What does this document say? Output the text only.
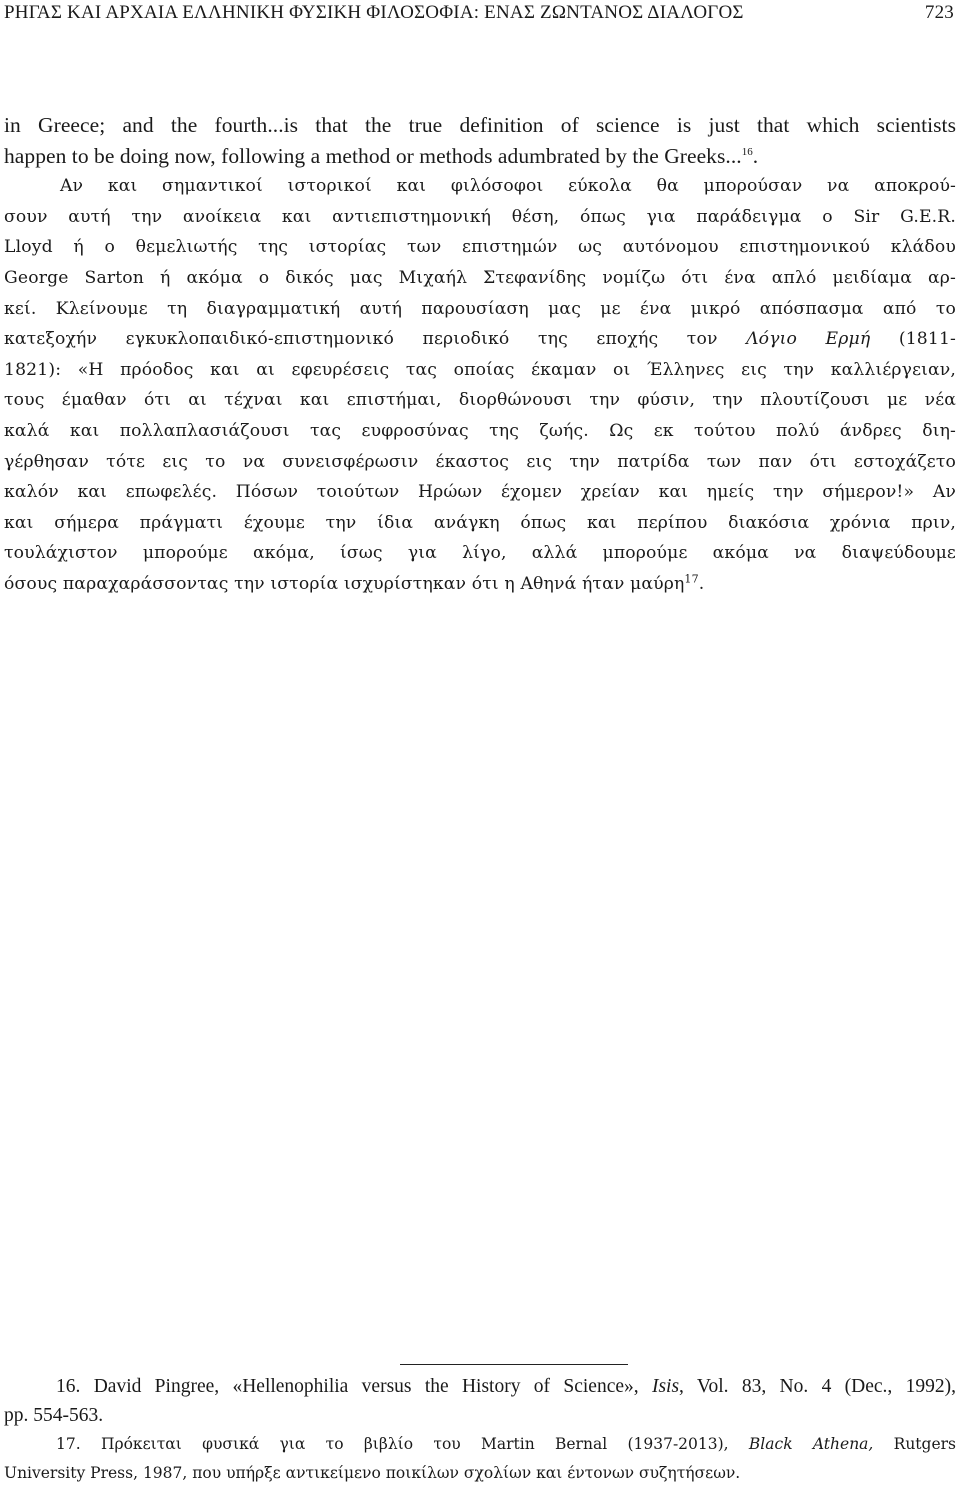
ΡΗΓΑΣ ΚΑΙ ΑΡΧΑΙΑ ΕΛΛΗΝΙΚΗ ΦΥΣΙΚΗ ΦΙΛΟΣΟΦΙΑ: ΕΝΑΣ ΖΩΝΤΑΝΟΣ ΔΙΑΛΟΓΟΣ	723
in Greece; and the fourth...is that the true definition of science is just that which scientists
happen to be doing now, following a method or methods adumbrated by the Greeks...$^{16}$.
Αν και σημαντικοί ιστορικοί και φιλόσοφοι εύκολα θα μπορούσαν να αποκρού-
σουν αυτή την ανοίκεια και αντιεπιστημονική θέση, όπως για παράδειγμα ο Sir G.E.R.
Lloyd ή ο θεμελιωτής της ιστορίας των επιστημών ως αυτόνομου επιστημονικού κλάδου
George Sarton ή ακόμα ο δικός μας Μιχαήλ Στεφανίδης νομίζω ότι ένα απλό μειδίαμα αρ-
κεί. Κλείνουμε τη διαγραμματική αυτή παρουσίαση μας με ένα μικρό απόσπασμα από το
κατεξοχήν εγκυκλοπαιδικό-επιστημονικό περιοδικό της εποχής τον Λόγιο Ερμή (1811-
1821): «Η πρόοδος και αι εφευρέσεις τας οποίας έκαμαν οι Έλληνες εις την καλλιέργειαν,
τους έμαθαν ότι αι τέχναι και επιστήμαι, διορθώνουσι την φύσιν, την πλουτίζουσι με νέα
καλά και πολλαπλασιάζουσι τας ευφροσύνας της ζωής. Ως εκ τούτου πολύ άνδρες διη-
γέρθησαν τότε εις το να συνεισφέρωσιν έκαστος εις την πατρίδα των παν ότι εστοχάζετο
καλόν και επωφελές. Πόσων τοιούτων Ηρώων έχομεν χρείαν και ημείς την σήμερον!» Αν
και σήμερα πράγματι έχουμε την ίδια ανάγκη όπως και περίπου διακόσια χρόνια πριν,
τουλάχιστον μπορούμε ακόμα, ίσως για λίγο, αλλά μπορούμε ακόμα να διαψεύδουμε
όσους παραχαράσσοντας την ιστορία ισχυρίστηκαν ότι η Αθηνά ήταν μαύρη$^{17}$.
16. David Pingree, «Hellenophilia versus the History of Science», Isis, Vol. 83, No. 4 (Dec., 1992),
pp. 554-563.
17. Πρόκειται φυσικά για το βιβλίο του Martin Bernal (1937-2013), Black Athena, Rutgers
University Press, 1987, που υπήρξε αντικείμενο ποικίλων σχολίων και έντονων συζητήσεων.
